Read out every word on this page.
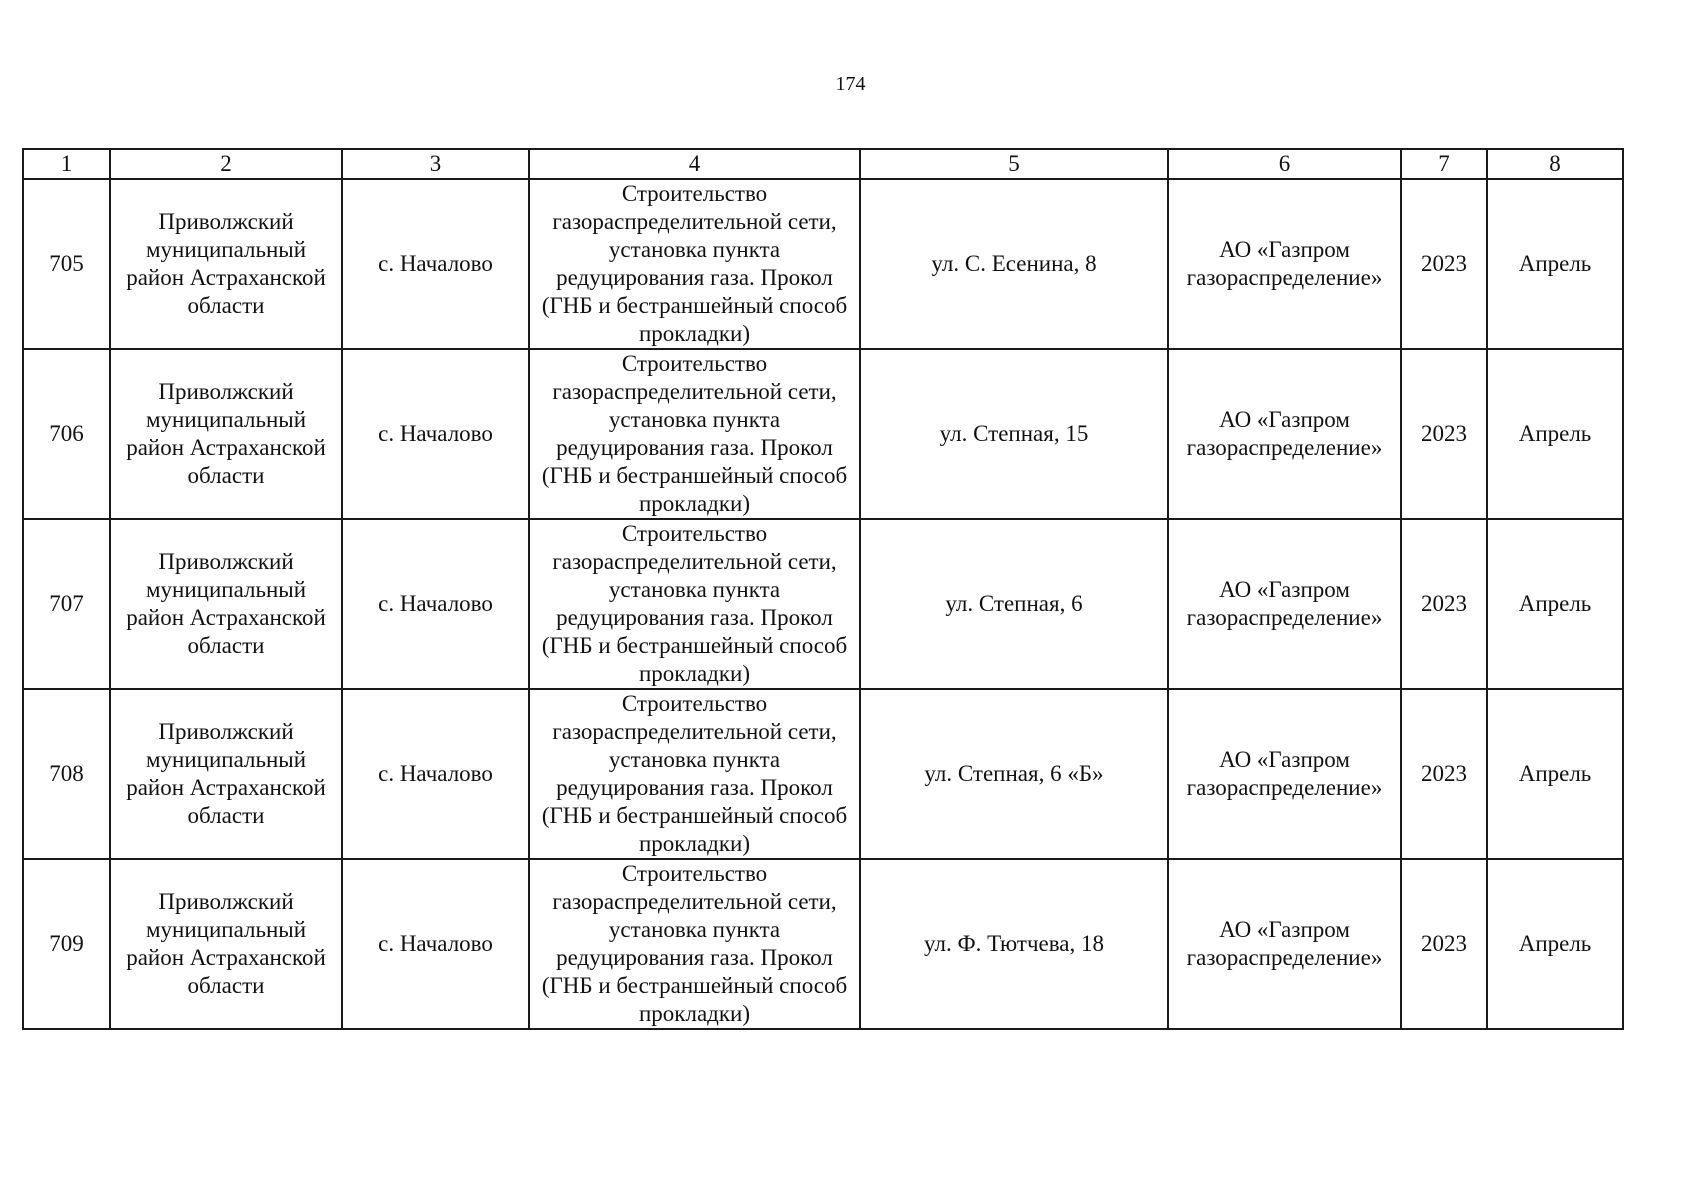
174
1	2	3	4	5	6	7	8
705	Приволжский муниципальный район Астраханской области	с. Началово	Строительство газораспределительной сети, установка пункта редуцирования газа. Прокол (ГНБ и бестраншейный способ прокладки)	ул. С. Есенина, 8	АО «Газпром газораспределение»	2023	Апрель
706	Приволжский муниципальный район Астраханской области	с. Началово	Строительство газораспределительной сети, установка пункта редуцирования газа. Прокол (ГНБ и бестраншейный способ прокладки)	ул. Степная, 15	АО «Газпром газораспределение»	2023	Апрель
707	Приволжский муниципальный район Астраханской области	с. Началово	Строительство газораспределительной сети, установка пункта редуцирования газа. Прокол (ГНБ и бестраншейный способ прокладки)	ул. Степная, 6	АО «Газпром газораспределение»	2023	Апрель
708	Приволжский муниципальный район Астраханской области	с. Началово	Строительство газораспределительной сети, установка пункта редуцирования газа. Прокол (ГНБ и бестраншейный способ прокладки)	ул. Степная, 6 «Б»	АО «Газпром газораспределение»	2023	Апрель
709	Приволжский муниципальный район Астраханской области	с. Началово	Строительство газораспределительной сети, установка пункта редуцирования газа. Прокол (ГНБ и бестраншейный способ прокладки)	ул. Ф. Тютчева, 18	АО «Газпром газораспределение»	2023	Апрель
